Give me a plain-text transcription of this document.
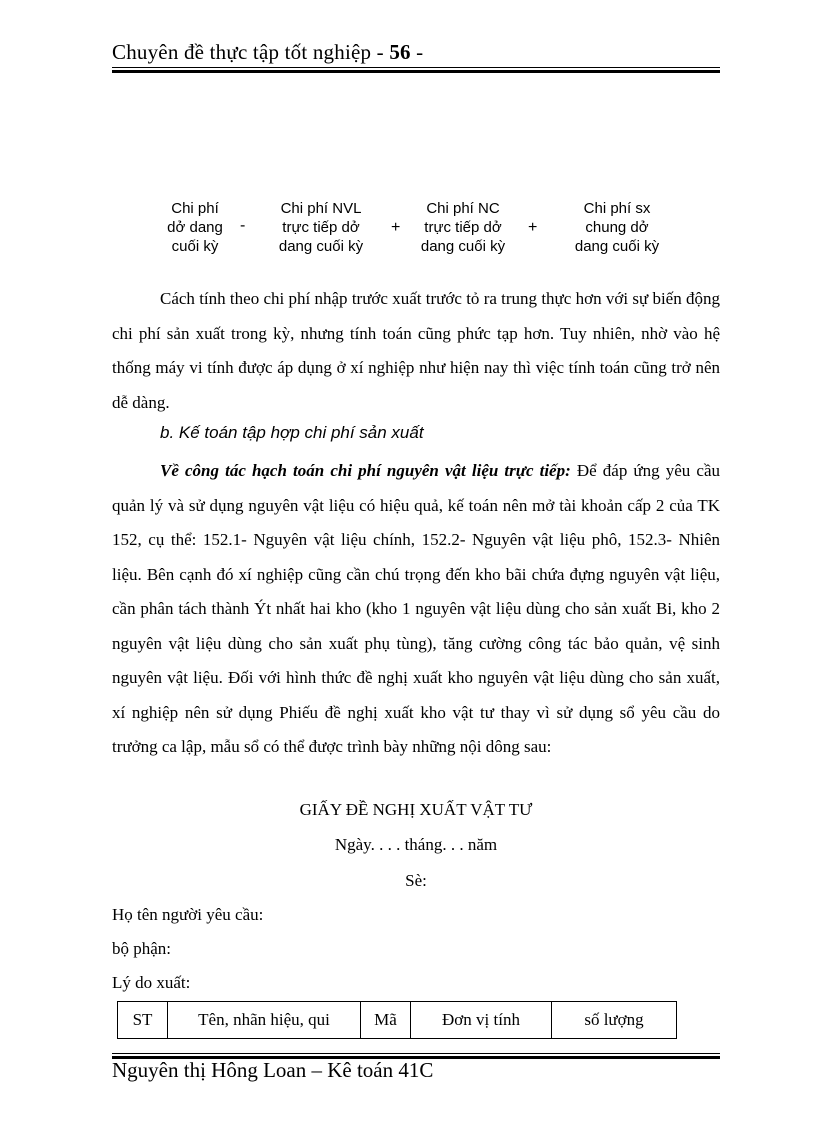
Chuyên đề thực tập tốt nghiệp - 56 -
Chi phí
dở dang
cuối kỳ
-
Chi phí NVL
trực tiếp dở
dang cuối kỳ
+
Chi phí NC
trực tiếp dở
dang cuối kỳ
+
Chi phí sx
chung dở
dang cuối kỳ

Cách tính theo chi phí nhập trước xuất trước tỏ ra trung thực hơn với sự biến động chi phí sản xuất trong kỳ, nhưng tính toán cũng phức tạp hơn. Tuy nhiên, nhờ vào hệ thống máy vi tính được áp dụng ở xí nghiệp như hiện nay thì việc tính toán cũng trở nên dễ dàng.

b. Kế toán tập hợp chi phí sản xuất

Về công tác hạch toán chi phí nguyên vật liệu trực tiếp: Để đáp ứng yêu cầu quản lý và sử dụng nguyên vật liệu có hiệu quả, kế toán nên mở tài khoản cấp 2 của TK 152, cụ thể: 152.1- Nguyên vật liệu chính, 152.2- Nguyên vật liệu phô, 152.3- Nhiên liệu. Bên cạnh đó xí nghiệp cũng cần chú trọng đến kho bãi chứa đựng nguyên vật liệu, cần phân tách thành Ýt nhất hai kho (kho 1 nguyên vật liệu dùng cho sản xuất Bi, kho 2 nguyên vật liệu dùng cho sản xuất phụ tùng), tăng cường công tác bảo quản, vệ sinh nguyên vật liệu. Đối với hình thức đề nghị xuất kho nguyên vật liệu dùng cho sản xuất, xí nghiệp nên sử dụng Phiếu đề nghị xuất kho vật tư thay vì sử dụng sổ yêu cầu do trưởng ca lập, mẫu sổ có thể được trình bày những nội dông sau:

GIẤY ĐỀ NGHỊ XUẤT VẬT TƯ
Ngày. . . . tháng. . . năm
Sè:
Họ tên người yêu cầu:
bộ phận:
Lý do xuất:
ST	Tên, nhãn hiệu, qui	Mã	Đơn vị tính	số lượng
Nguyên thị Hông Loan – Kê toán 41C
